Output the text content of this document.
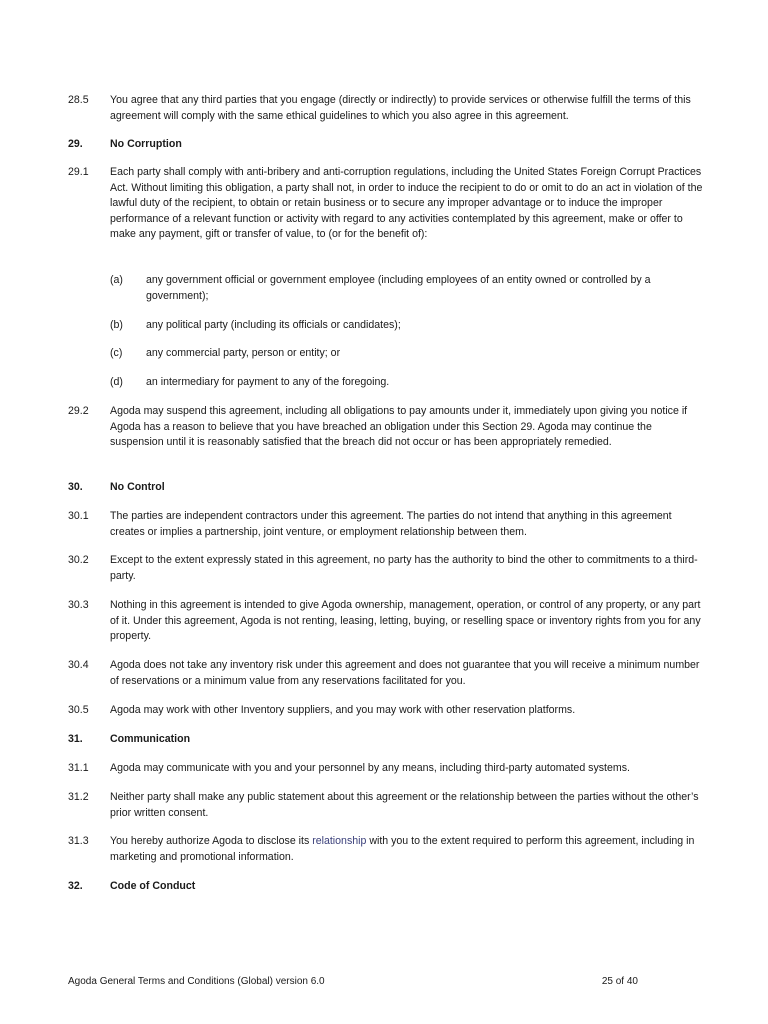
28.5	You agree that any third parties that you engage (directly or indirectly) to provide services or otherwise fulfill the terms of this agreement will comply with the same ethical guidelines to which you also agree in this agreement.
29.	No Corruption
29.1	Each party shall comply with anti-bribery and anti-corruption regulations, including the United States Foreign Corrupt Practices Act. Without limiting this obligation, a party shall not, in order to induce the recipient to do or omit to do an act in violation of the lawful duty of the recipient, to obtain or retain business or to secure any improper advantage or to induce the improper performance of a relevant function or activity with regard to any activities contemplated by this agreement, make or offer to make any payment, gift or transfer of value, to (or for the benefit of):
(a)	any government official or government employee (including employees of an entity owned or controlled by a government);
(b)	any political party (including its officials or candidates);
(c)	any commercial party, person or entity; or
(d)	an intermediary for payment to any of the foregoing.
29.2	Agoda may suspend this agreement, including all obligations to pay amounts under it, immediately upon giving you notice if Agoda has a reason to believe that you have breached an obligation under this Section 29. Agoda may continue the suspension until it is reasonably satisfied that the breach did not occur or has been appropriately remedied.
30.	No Control
30.1	The parties are independent contractors under this agreement. The parties do not intend that anything in this agreement creates or implies a partnership, joint venture, or employment relationship between them.
30.2	Except to the extent expressly stated in this agreement, no party has the authority to bind the other to commitments to a third-party.
30.3	Nothing in this agreement is intended to give Agoda ownership, management, operation, or control of any property, or any part of it. Under this agreement, Agoda is not renting, leasing, letting, buying, or reselling space or inventory rights from you for any property.
30.4	Agoda does not take any inventory risk under this agreement and does not guarantee that you will receive a minimum number of reservations or a minimum value from any reservations facilitated for you.
30.5	Agoda may work with other Inventory suppliers, and you may work with other reservation platforms.
31.	Communication
31.1	Agoda may communicate with you and your personnel by any means, including third-party automated systems.
31.2	Neither party shall make any public statement about this agreement or the relationship between the parties without the other’s prior written consent.
31.3	You hereby authorize Agoda to disclose its relationship with you to the extent required to perform this agreement, including in marketing and promotional information.
32.	Code of Conduct
Agoda General Terms and Conditions (Global) version 6.0	25 of 40
